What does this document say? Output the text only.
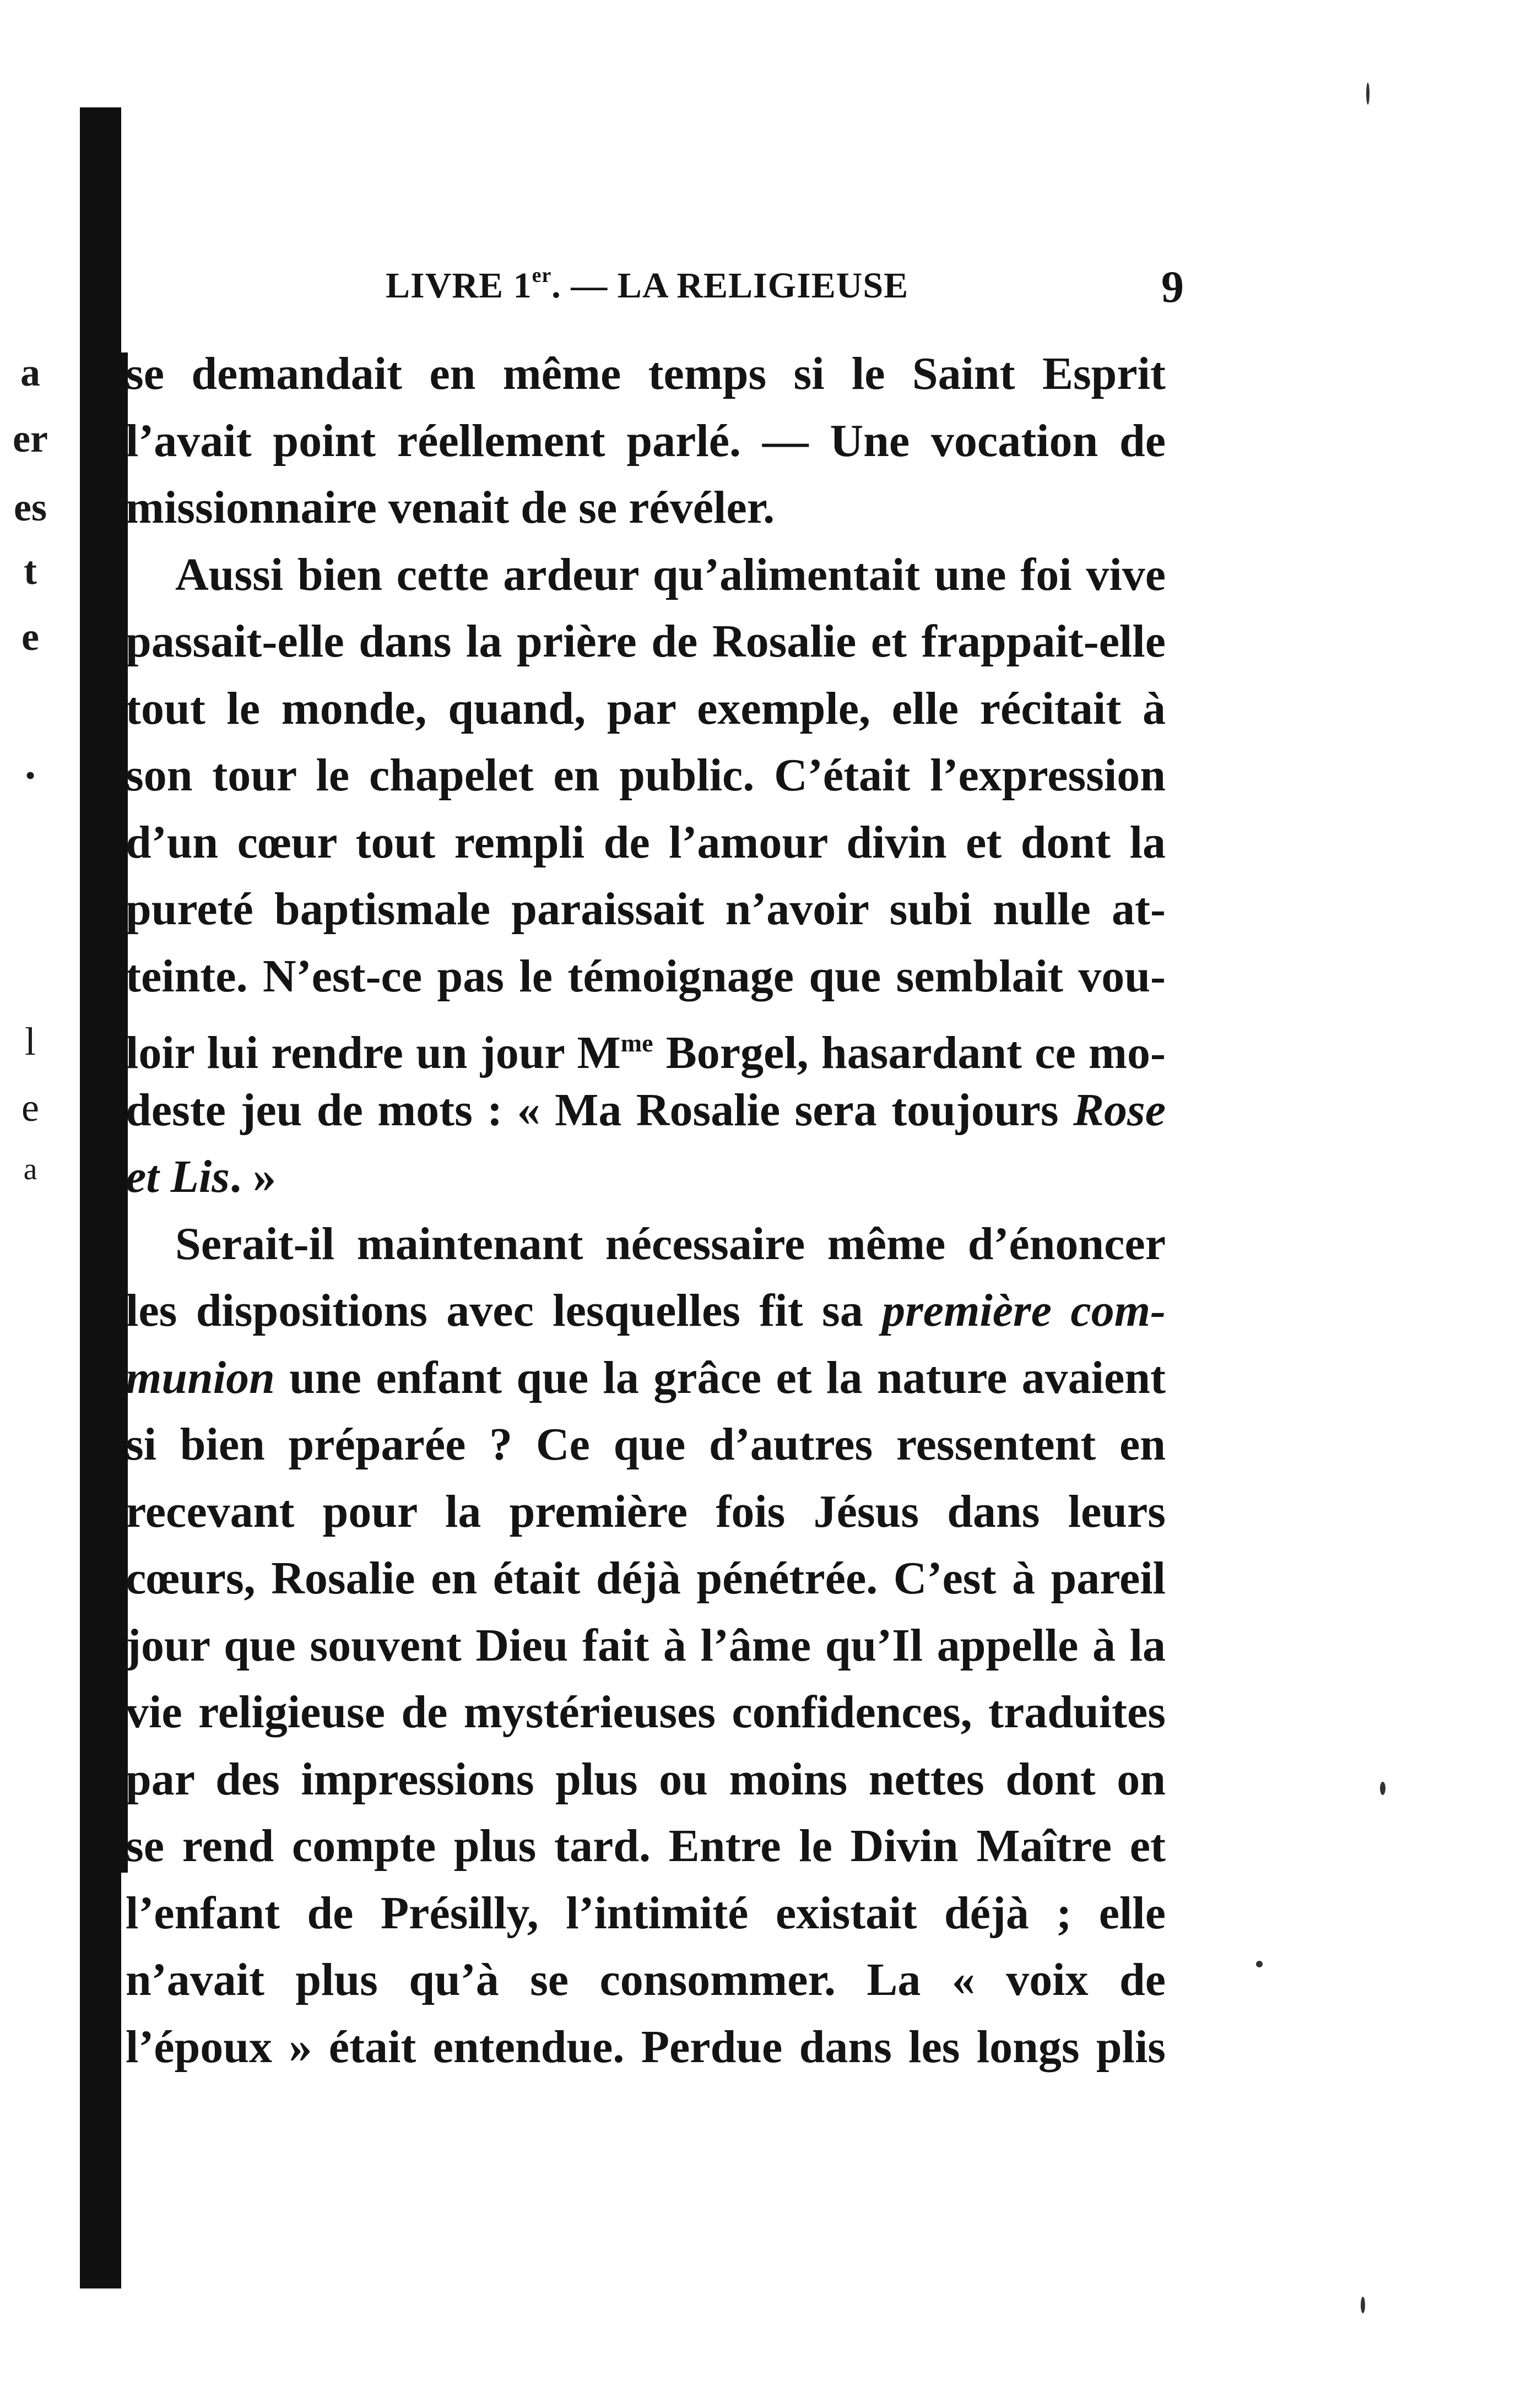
a
er
es
t
e
•
l
e
a
LIVRE 1er. — LA RELIGIEUSE	9
se demandait en même temps si le Saint Esprit
l’avait point réellement parlé. — Une vocation de
missionnaire venait de se révéler.
Aussi bien cette ardeur qu’alimentait une foi vive
passait-elle dans la prière de Rosalie et frappait-elle
tout le monde, quand, par exemple, elle récitait à
son tour le chapelet en public. C’était l’expression
d’un cœur tout rempli de l’amour divin et dont la
pureté baptismale paraissait n’avoir subi nulle at-
teinte. N’est-ce pas le témoignage que semblait vou-
loir lui rendre un jour $M^{me}$ Borgel, hasardant ce mo-
deste jeu de mots : « Ma Rosalie sera toujours Rose
et Lis. »
Serait-il maintenant nécessaire même d’énoncer
les dispositions avec lesquelles fit sa première com-
munion une enfant que la grâce et la nature avaient
si bien préparée ? Ce que d’autres ressentent en
recevant pour la première fois Jésus dans leurs
cœurs, Rosalie en était déjà pénétrée. C’est à pareil
jour que souvent Dieu fait à l’âme qu’Il appelle à la
vie religieuse de mystérieuses confidences, traduites
par des impressions plus ou moins nettes dont on
se rend compte plus tard. Entre le Divin Maître et
l’enfant de Présilly, l’intimité existait déjà ; elle
n’avait plus qu’à se consommer. La « voix de
l’époux » était entendue. Perdue dans les longs plis
